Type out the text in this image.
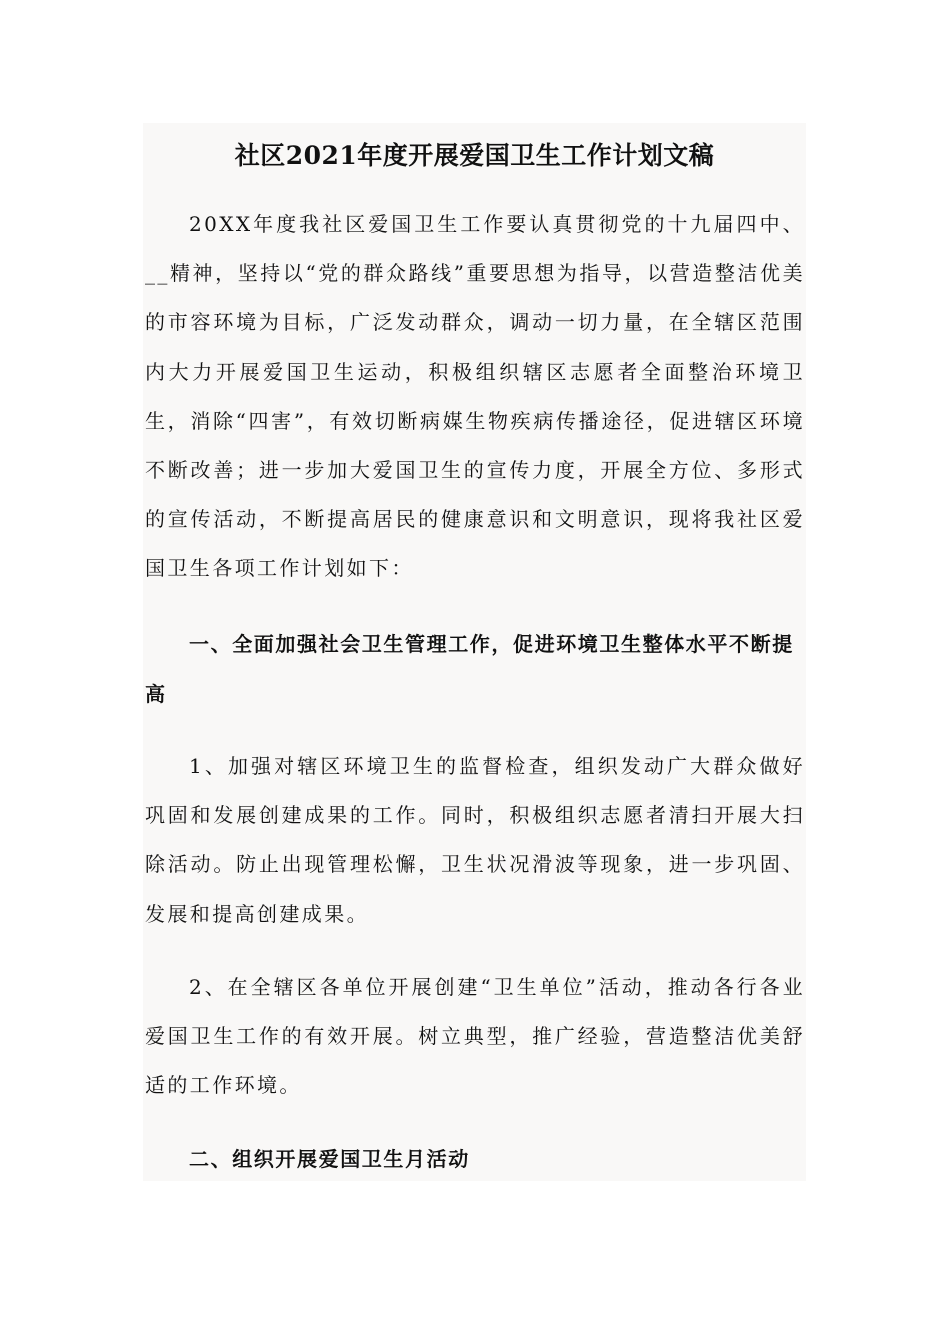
社区2021年度开展爱国卫生工作计划文稿

20XX年度我社区爱国卫生工作要认真贯彻党的十九届四中、__精神，坚持以“党的群众路线”重要思想为指导，以营造整洁优美的市容环境为目标，广泛发动群众，调动一切力量，在全辖区范围内大力开展爱国卫生运动，积极组织辖区志愿者全面整治环境卫生，消除“四害”，有效切断病媒生物疾病传播途径，促进辖区环境不断改善；进一步加大爱国卫生的宣传力度，开展全方位、多形式的宣传活动，不断提高居民的健康意识和文明意识，现将我社区爱国卫生各项工作计划如下：

一、全面加强社会卫生管理工作，促进环境卫生整体水平不断提高

1、加强对辖区环境卫生的监督检查，组织发动广大群众做好巩固和发展创建成果的工作。同时，积极组织志愿者清扫开展大扫除活动。防止出现管理松懈，卫生状况滑波等现象，进一步巩固、发展和提高创建成果。

2、在全辖区各单位开展创建“卫生单位”活动，推动各行各业爱国卫生工作的有效开展。树立典型，推广经验，营造整洁优美舒适的工作环境。

二、组织开展爱国卫生月活动
